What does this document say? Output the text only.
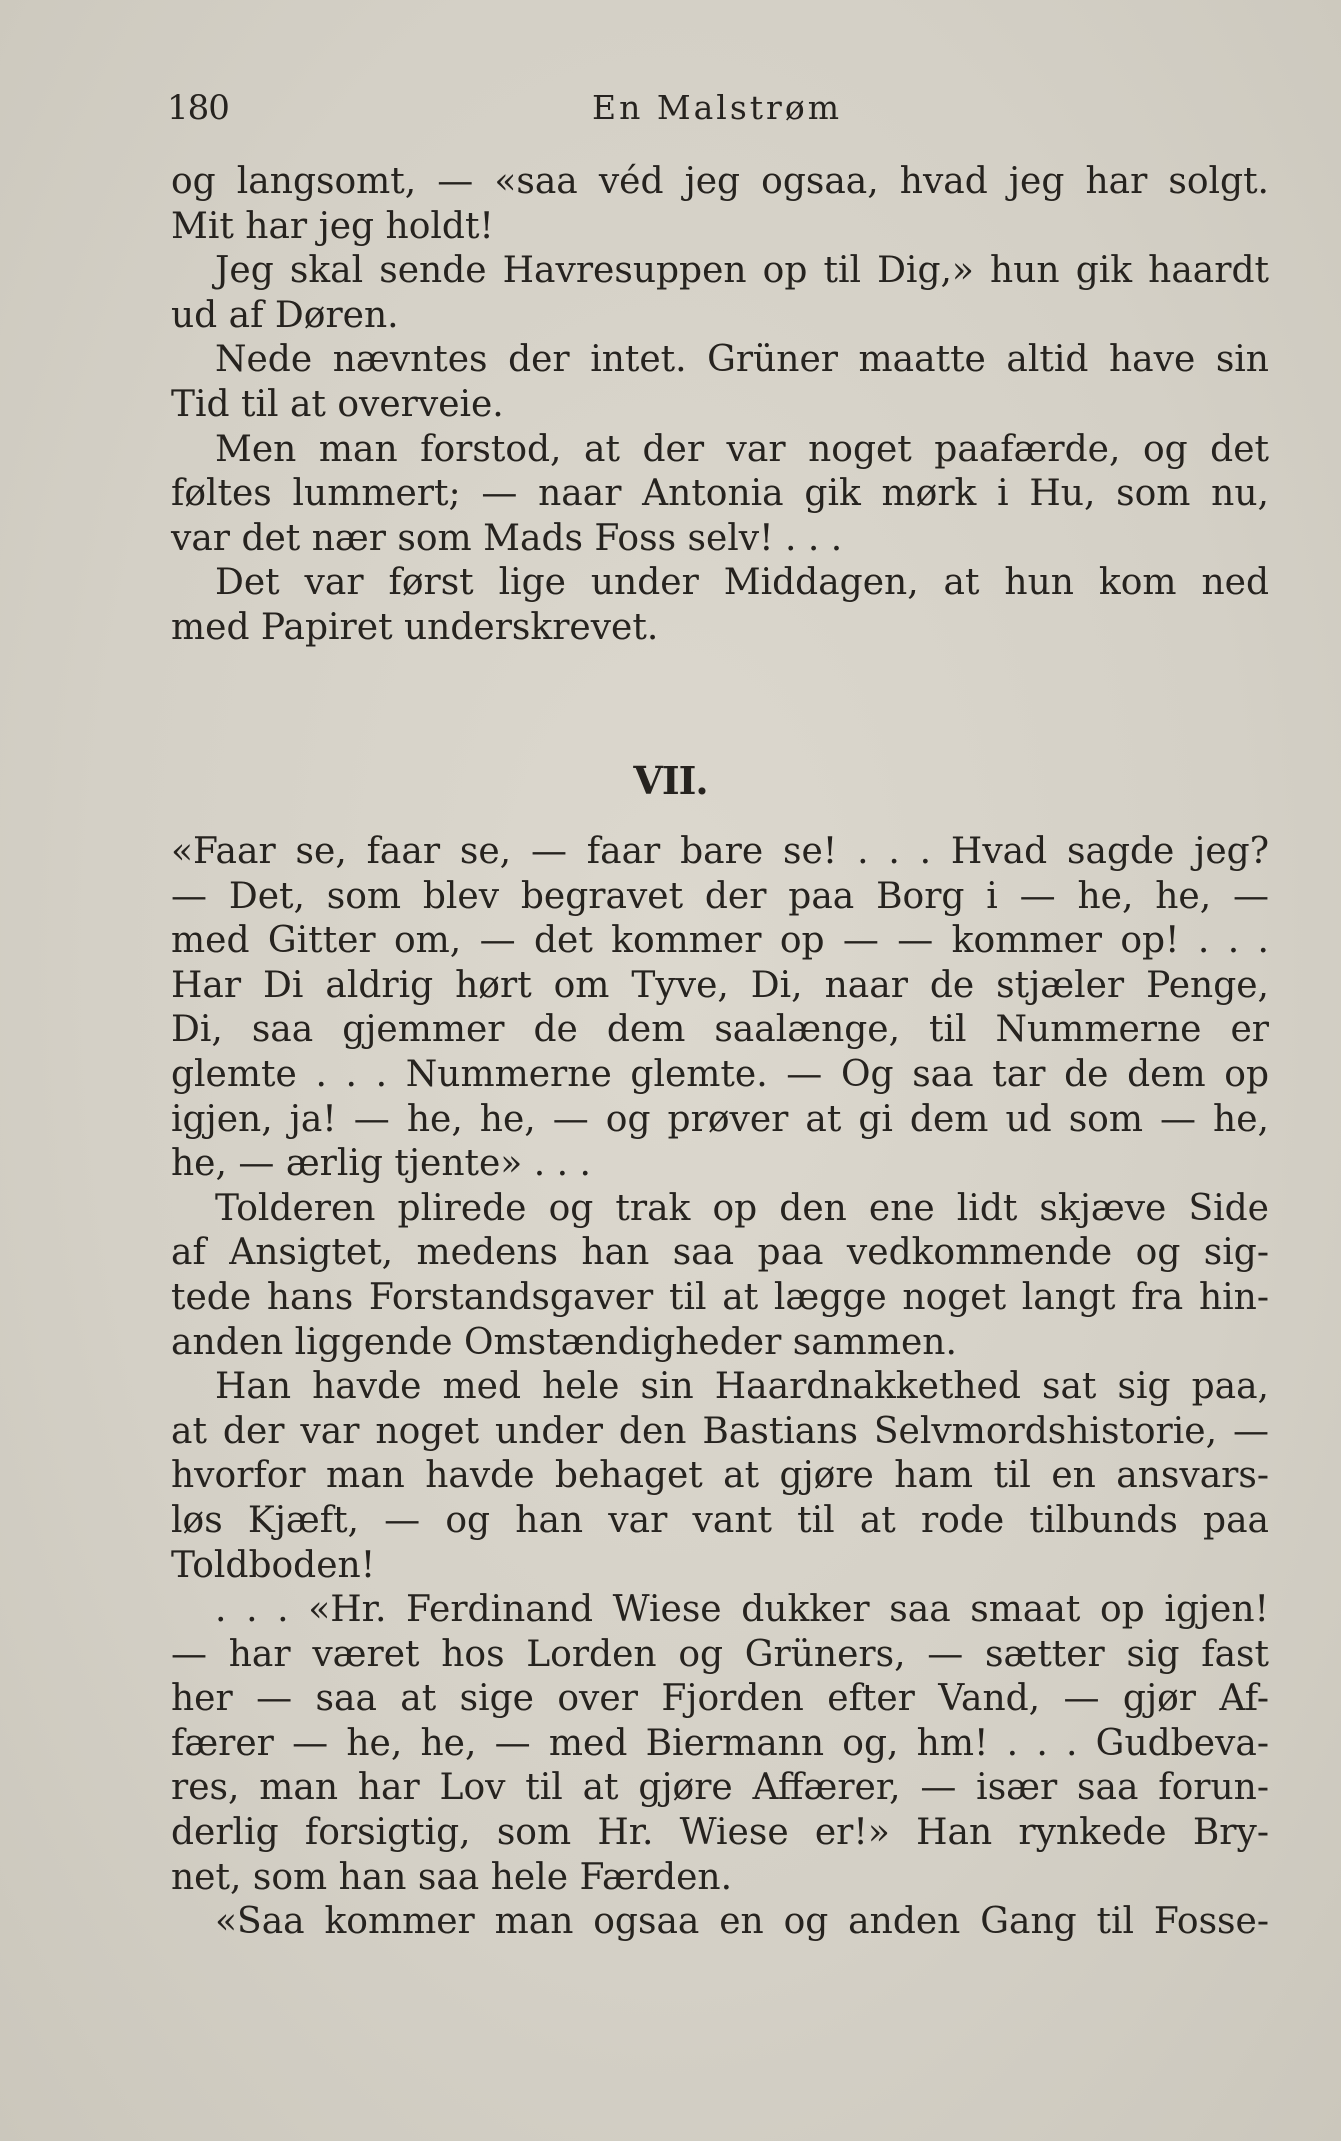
180	En Malstrøm
og langsomt, — «saa véd jeg ogsaa, hvad jeg har solgt.
Mit har jeg holdt!
Jeg skal sende Havresuppen op til Dig,» hun gik haardt
ud af Døren.
Nede nævntes der intet. Grüner maatte altid have sin
Tid til at overveie.
Men man forstod, at der var noget paafærde, og det
føltes lummert; — naar Antonia gik mørk i Hu, som nu,
var det nær som Mads Foss selv! . . .
Det var først lige under Middagen, at hun kom ned
med Papiret underskrevet.
VII.
«Faar se, faar se, — faar bare se! . . . Hvad sagde jeg?
— Det, som blev begravet der paa Borg i — he, he, —
med Gitter om, — det kommer op — — kommer op! . . .
Har Di aldrig hørt om Tyve, Di, naar de stjæler Penge,
Di, saa gjemmer de dem saalænge, til Nummerne er
glemte . . . Nummerne glemte. — Og saa tar de dem op
igjen, ja! — he, he, — og prøver at gi dem ud som — he,
he, — ærlig tjente» . . .
Tolderen plirede og trak op den ene lidt skjæve Side
af Ansigtet, medens han saa paa vedkommende og sig-
tede hans Forstandsgaver til at lægge noget langt fra hin-
anden liggende Omstændigheder sammen.
Han havde med hele sin Haardnakkethed sat sig paa,
at der var noget under den Bastians Selvmordshistorie, —
hvorfor man havde behaget at gjøre ham til en ansvars-
løs Kjæft, — og han var vant til at rode tilbunds paa
Toldboden!
. . . «Hr. Ferdinand Wiese dukker saa smaat op igjen!
— har været hos Lorden og Grüners, — sætter sig fast
her — saa at sige over Fjorden efter Vand, — gjør Af-
færer — he, he, — med Biermann og, hm! . . . Gudbeva-
res, man har Lov til at gjøre Affærer, — især saa forun-
derlig forsigtig, som Hr. Wiese er!» Han rynkede Bry-
net, som han saa hele Færden.
«Saa kommer man ogsaa en og anden Gang til Fosse-
